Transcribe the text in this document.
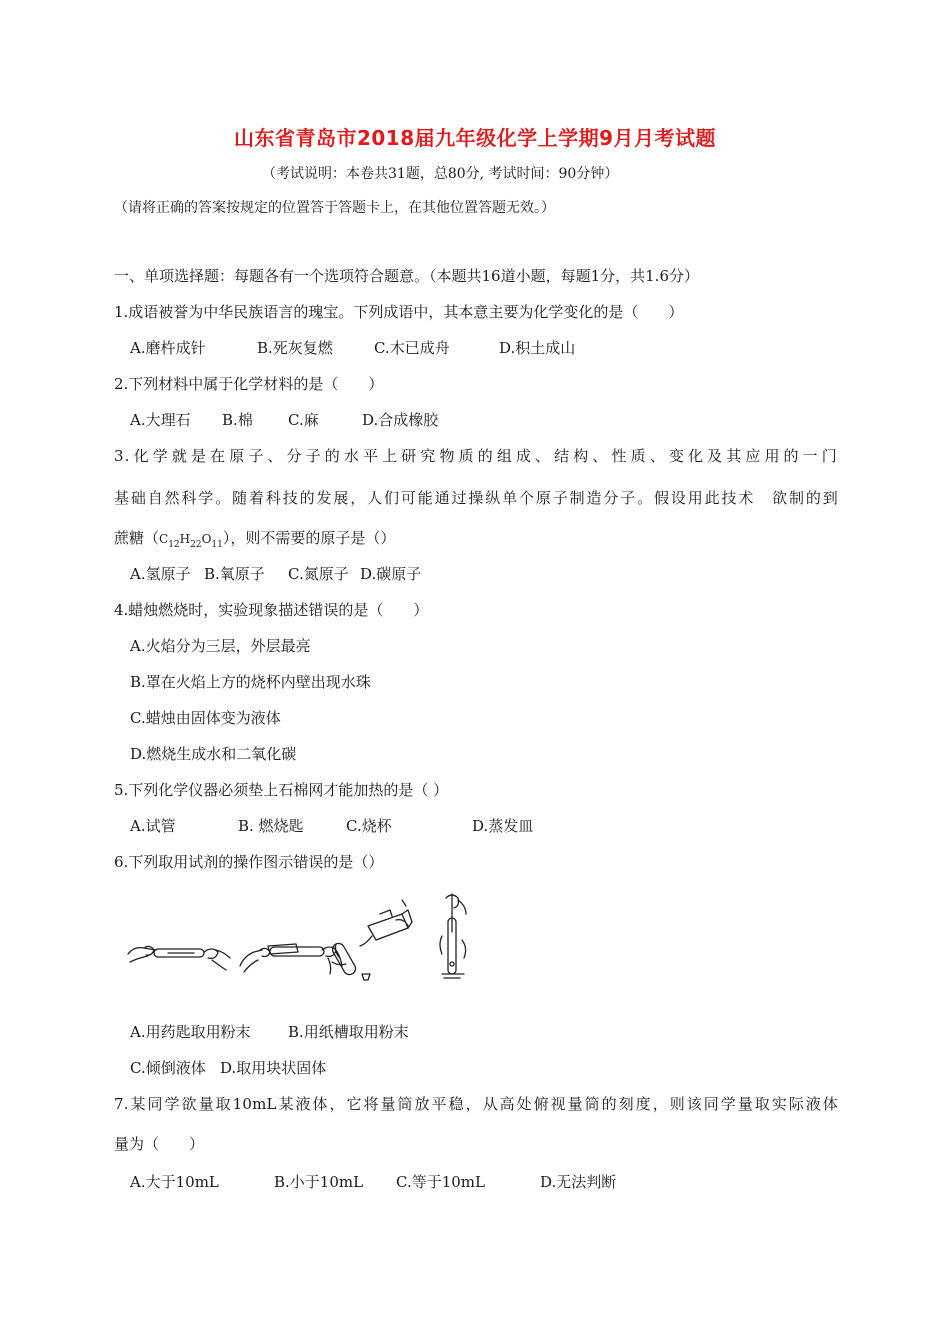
山东省青岛市2018届九年级化学上学期9月月考试题
（考试说明：本卷共31题，总80分, 考试时间：90分钟）
（请将正确的答案按规定的位置答于答题卡上，在其他位置答题无效。）
一、单项选择题：每题各有一个选项符合题意。（本题共16道小题，每题1分，共1.6分）
1.成语被誉为中华民族语言的瑰宝。下列成语中，其本意主要为化学变化的是（　　）
A.磨杵成针	B.死灰复燃	C.木已成舟	D.积土成山
2.下列材料中属于化学材料的是（　　）
A.大理石 B.棉 C.麻	D.合成橡胶
3.化学就是在原子、分子的水平上研究物质的组成、结构、性质、变化及其应用的一门
基础自然科学。随着科技的发展，人们可能通过操纵单个原子制造分子。假设用此技术　欲制的到
蔗糖$(C_{12}H_{22}O_{11})$，则不需要的原子是（）
A.氢原子 B.氧原子 C.氮原子 D.碳原子
4.蜡烛燃烧时，实验现象描述错误的是（　　）
A.火焰分为三层，外层最亮
B.罩在火焰上方的烧杯内壁出现水珠
C.蜡烛由固体变为液体
D.燃烧生成水和二氧化碳
5.下列化学仪器必须垫上石棉网才能加热的是（ ）
A.试管	B. 燃烧匙	C.烧杯	D.蒸发皿
6.下列取用试剂的操作图示错误的是（）
A.用药匙取用粉末 B.用纸槽取用粉末
C.倾倒液体 D.取用块状固体
7.某同学欲量取10mL某液体，它将量筒放平稳，从高处俯视量筒的刻度，则该同学量取实际液体
量为（　　）
A.大于10mL	B.小于10mL C.等于10mL	D.无法判断
